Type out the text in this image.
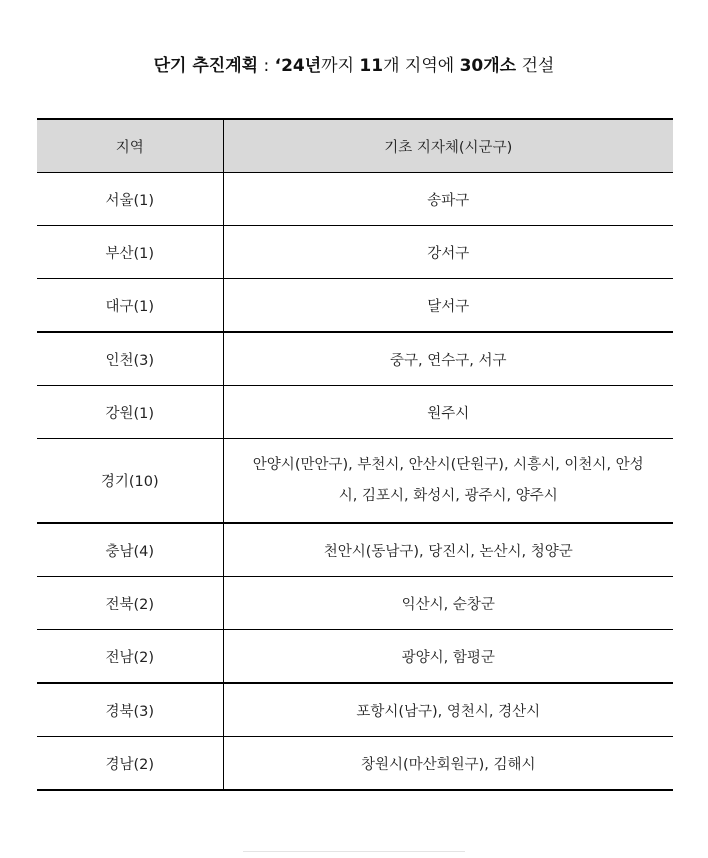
단기 추진계획 : ‘24년까지 11개 지역에 30개소 건설
지역	기초 지자체(시군구)
서울(1)	송파구
부산(1)	강서구
대구(1)	달서구
인천(3)	중구, 연수구, 서구
강원(1)	원주시
경기(10)	안양시(만안구), 부천시, 안산시(단원구), 시흥시, 이천시, 안성시, 김포시, 화성시, 광주시, 양주시
충남(4)	천안시(동남구), 당진시, 논산시, 청양군
전북(2)	익산시, 순창군
전남(2)	광양시, 함평군
경북(3)	포항시(남구), 영천시, 경산시
경남(2)	창원시(마산회원구), 김해시
